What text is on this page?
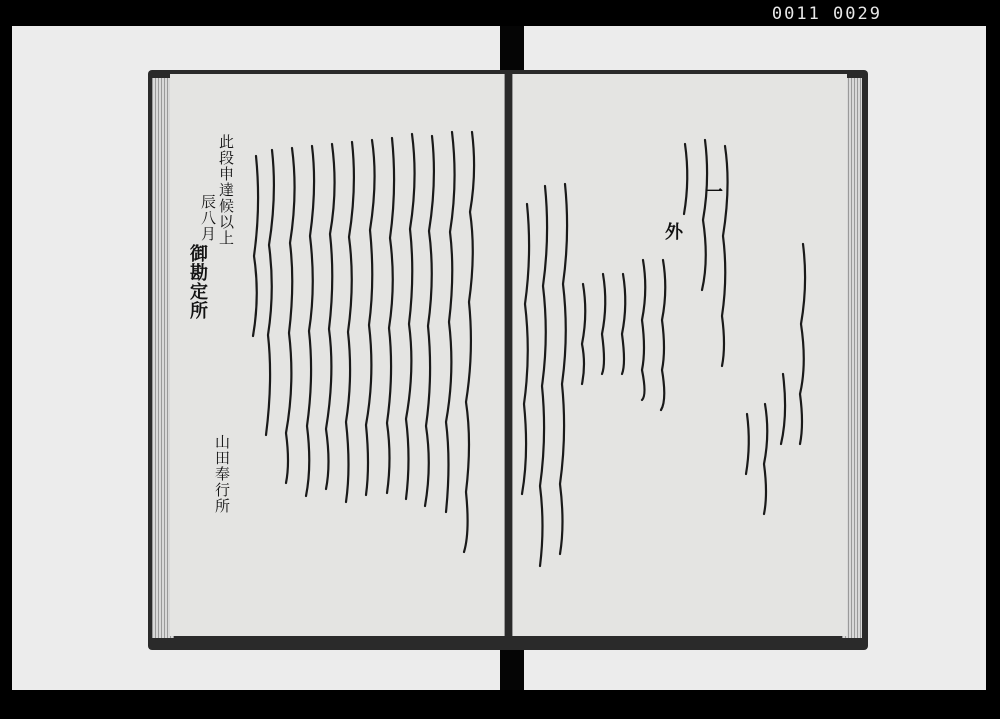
0011 0029
此段申達候以上
辰八月
御勘定所
山田奉行所
一
外
